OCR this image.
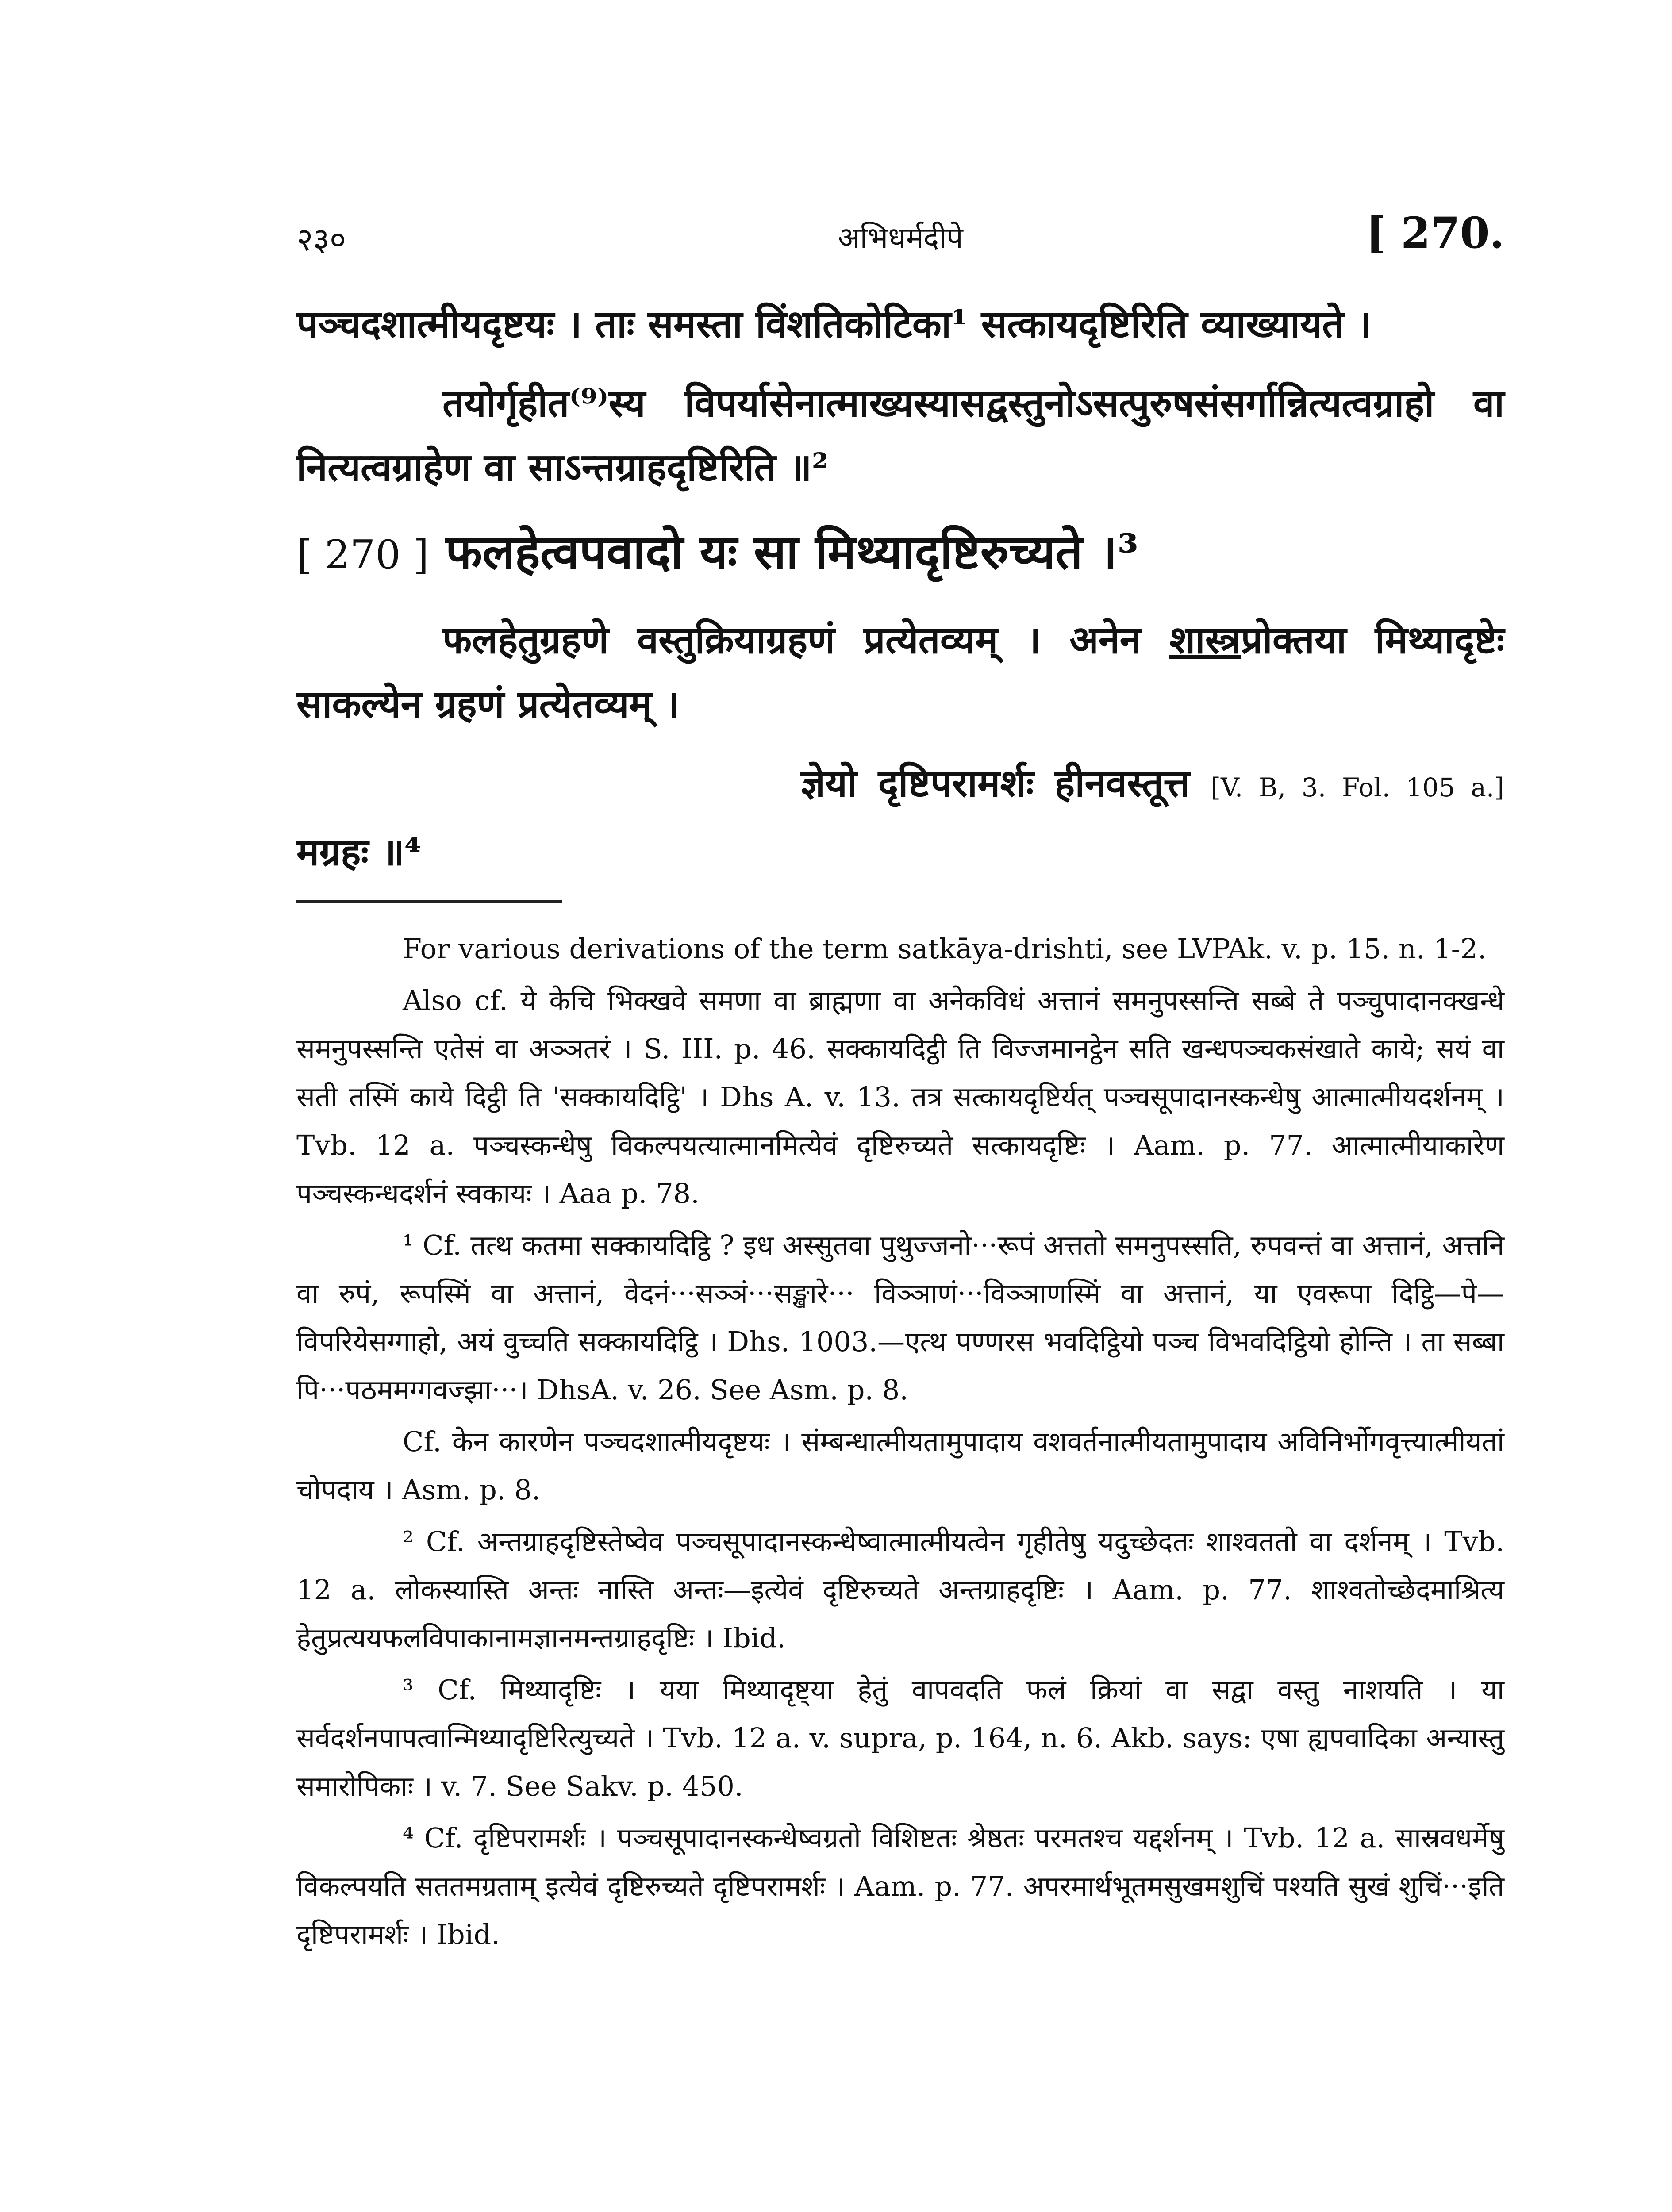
२३०	अभिधर्मदीपे	[ 270.

पञ्चदशात्मीयदृष्टयः । ताः समस्ता विंशतिकोटिका¹ सत्कायदृष्टिरिति व्याख्यायते ।

तयोर्गृहीत⁽⁹⁾स्य विपर्यासेनात्माख्यस्यासद्वस्तुनोऽसत्पुरुषसंसर्गान्नित्यत्वग्राहो वा नित्यत्वग्राहेण वा साऽन्तग्राहदृष्टिरिति ॥²

[ 270 ] फलहेत्वपवादो यः सा मिथ्यादृष्टिरुच्यते ।³

फलहेतुग्रहणे वस्तुक्रियाग्रहणं प्रत्येतव्यम् । अनेन शास्त्रप्रोक्तया मिथ्यादृष्टेः साकल्येन ग्रहणं प्रत्येतव्यम् ।

ज्ञेयो दृष्टिपरामर्शः हीनवस्तूत्त [V. B, 3. Fol. 105 a.] मग्रहः ॥⁴

For various derivations of the term satkāya-drishti, see LVPAk. v. p. 15. n. 1-2.

Also cf. ये केचि भिक्खवे समणा वा ब्राह्मणा वा अनेकविधं अत्तानं समनुपस्सन्ति सब्बे ते पञ्चुपादानक्खन्धे समनुपस्सन्ति एतेसं वा अञ्ञतरं । S. III. p. 46. सक्कायदिट्ठी ति विज्जमानट्ठेन सति खन्धपञ्चकसंखाते काये; सयं वा सती तस्मिं काये दिट्ठी ति 'सक्कायदिट्ठि' । Dhs A. v. 13. तत्र सत्कायदृष्टिर्यत् पञ्चसूपादानस्कन्धेषु आत्मात्मीयदर्शनम् । Tvb. 12 a. पञ्चस्कन्धेषु विकल्पयत्यात्मानमित्येवं दृष्टिरुच्यते सत्कायदृष्टिः । Aam. p. 77. आत्मात्मीयाकारेण पञ्चस्कन्धदर्शनं स्वकायः । Aaa p. 78.

¹ Cf. तत्थ कतमा सक्कायदिट्ठि ? इध अस्सुतवा पुथुज्जनो···रूपं अत्ततो समनुपस्सति, रुपवन्तं वा अत्तानं, अत्तनि वा रुपं, रूपस्मिं वा अत्तानं, वेदनं···सञ्ञं···सङ्खारे··· विञ्ञाणं···विञ्ञाणस्मिं वा अत्तानं, या एवरूपा दिट्ठि—पे—विपरियेसग्गाहो, अयं वुच्चति सक्कायदिट्ठि । Dhs. 1003.—एत्थ पण्णरस भवदिट्ठियो पञ्च विभवदिट्ठियो होन्ति । ता सब्बा पि···पठममग्गवज्झा···। DhsA. v. 26. See Asm. p. 8.

Cf. केन कारणेन पञ्चदशात्मीयदृष्टयः । संम्बन्धात्मीयतामुपादाय वशवर्तनात्मीयतामुपादाय अविनिर्भोगवृत्त्यात्मीयतां चोपदाय । Asm. p. 8.

² Cf. अन्तग्राहदृष्टिस्तेष्वेव पञ्चसूपादानस्कन्धेष्वात्मात्मीयत्वेन गृहीतेषु यदुच्छेदतः शाश्वततो वा दर्शनम् । Tvb. 12 a. लोकस्यास्ति अन्तः नास्ति अन्तः—इत्येवं दृष्टिरुच्यते अन्तग्राहदृष्टिः । Aam. p. 77. शाश्वतोच्छेदमाश्रित्य हेतुप्रत्ययफलविपाकानामज्ञानमन्तग्राहदृष्टिः । Ibid.

³ Cf. मिथ्यादृष्टिः । यया मिथ्यादृष्ट्या हेतुं वापवदति फलं क्रियां वा सद्वा वस्तु नाशयति । या सर्वदर्शनपापत्वान्मिथ्यादृष्टिरित्युच्यते । Tvb. 12 a. v. supra, p. 164, n. 6. Akb. says: एषा ह्यपवादिका अन्यास्तु समारोपिकाः । v. 7. See Sakv. p. 450.

⁴ Cf. दृष्टिपरामर्शः । पञ्चसूपादानस्कन्धेष्वग्रतो विशिष्टतः श्रेष्ठतः परमतश्च यद्दर्शनम् । Tvb. 12 a. सास्रवधर्मेषु विकल्पयति सततमग्रताम् इत्येवं दृष्टिरुच्यते दृष्टिपरामर्शः । Aam. p. 77. अपरमार्थभूतमसुखमशुचिं पश्यति सुखं शुचिं···इति दृष्टिपरामर्शः । Ibid.
